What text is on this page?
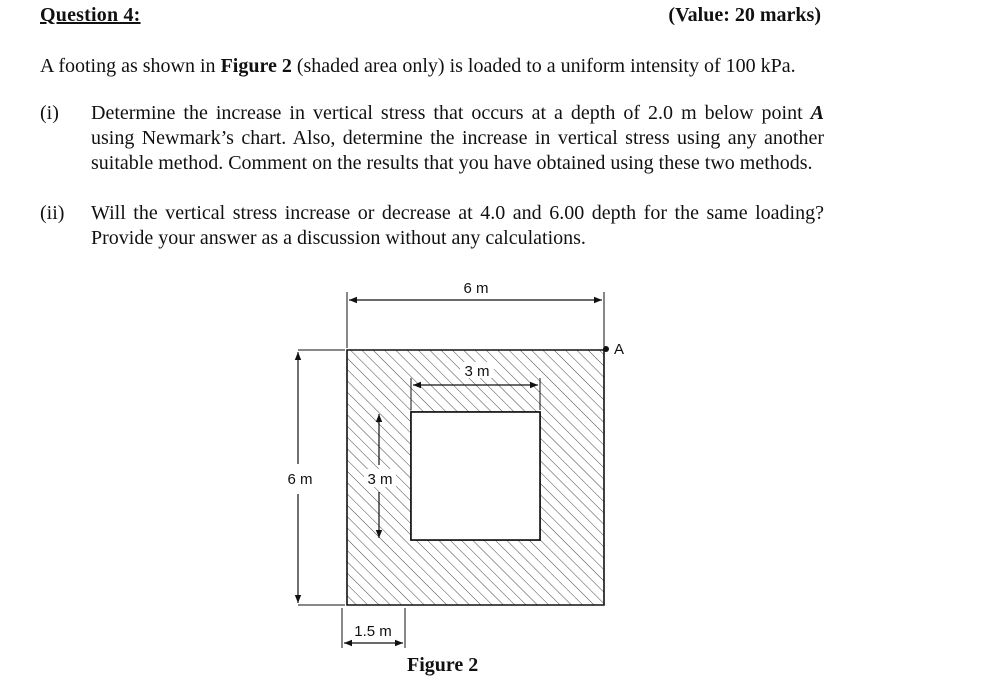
Question 4:	(Value: 20 marks)
A footing as shown in Figure 2 (shaded area only) is loaded to a uniform intensity of 100 kPa.
(i)	Determine the increase in vertical stress that occurs at a depth of 2.0 m below point A using Newmark’s chart. Also, determine the increase in vertical stress using any another suitable method. Comment on the results that you have obtained using these two methods.
(ii)	Will the vertical stress increase or decrease at 4.0 and 6.00 depth for the same loading? Provide your answer as a discussion without any calculations.
6 m
6 m
3 m
3 m
1.5 m
A
Figure 2
